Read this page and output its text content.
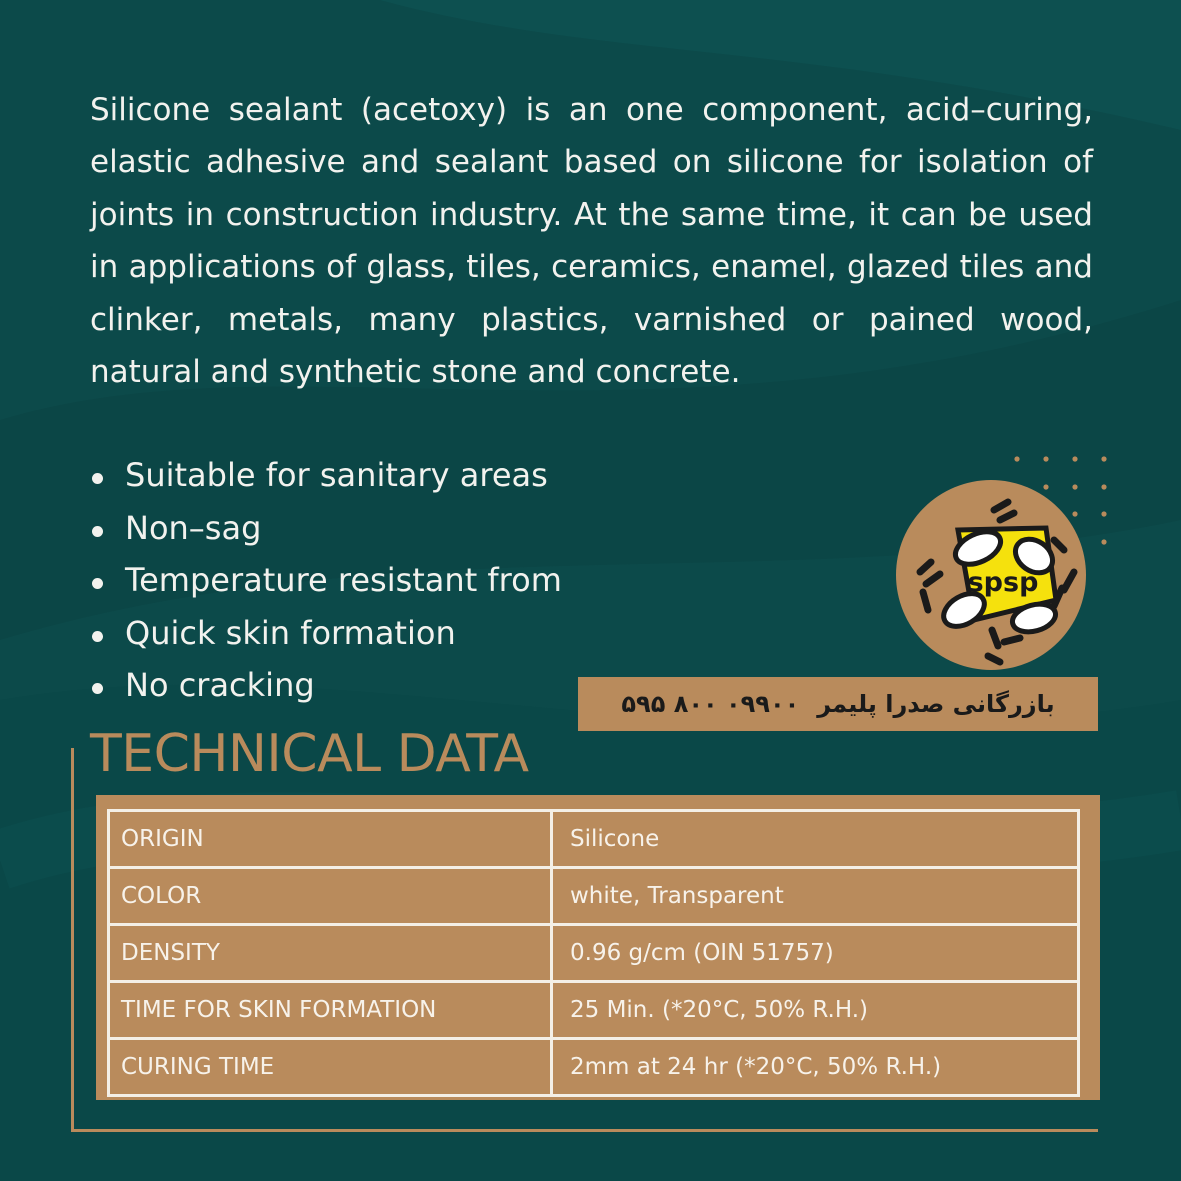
Silicone sealant (acetoxy) is an one component, acid–curing, elastic adhesive and sealant based on silicone for isolation of joints in construction industry. At the same time, it can be used in applications of glass, tiles, ceramics, enamel, glazed tiles and clinker, metals, many plastics, varnished or pained wood, natural and synthetic stone and concrete.

Suitable for sanitary areas
Non–sag
Temperature resistant from
Quick skin formation
No cracking
spsp
بازرگانی صدرا پلیمر
۵۹۵ ۸۰۰ ۰۹۹۰۰
TECHNICAL DATA
ORIGIN	Silicone
COLOR	white, Transparent
DENSITY	0.96 g/cm (OIN 51757)
TIME FOR SKIN FORMATION	25 Min. (*20°C, 50% R.H.)
CURING TIME	2mm at 24 hr (*20°C, 50% R.H.)
